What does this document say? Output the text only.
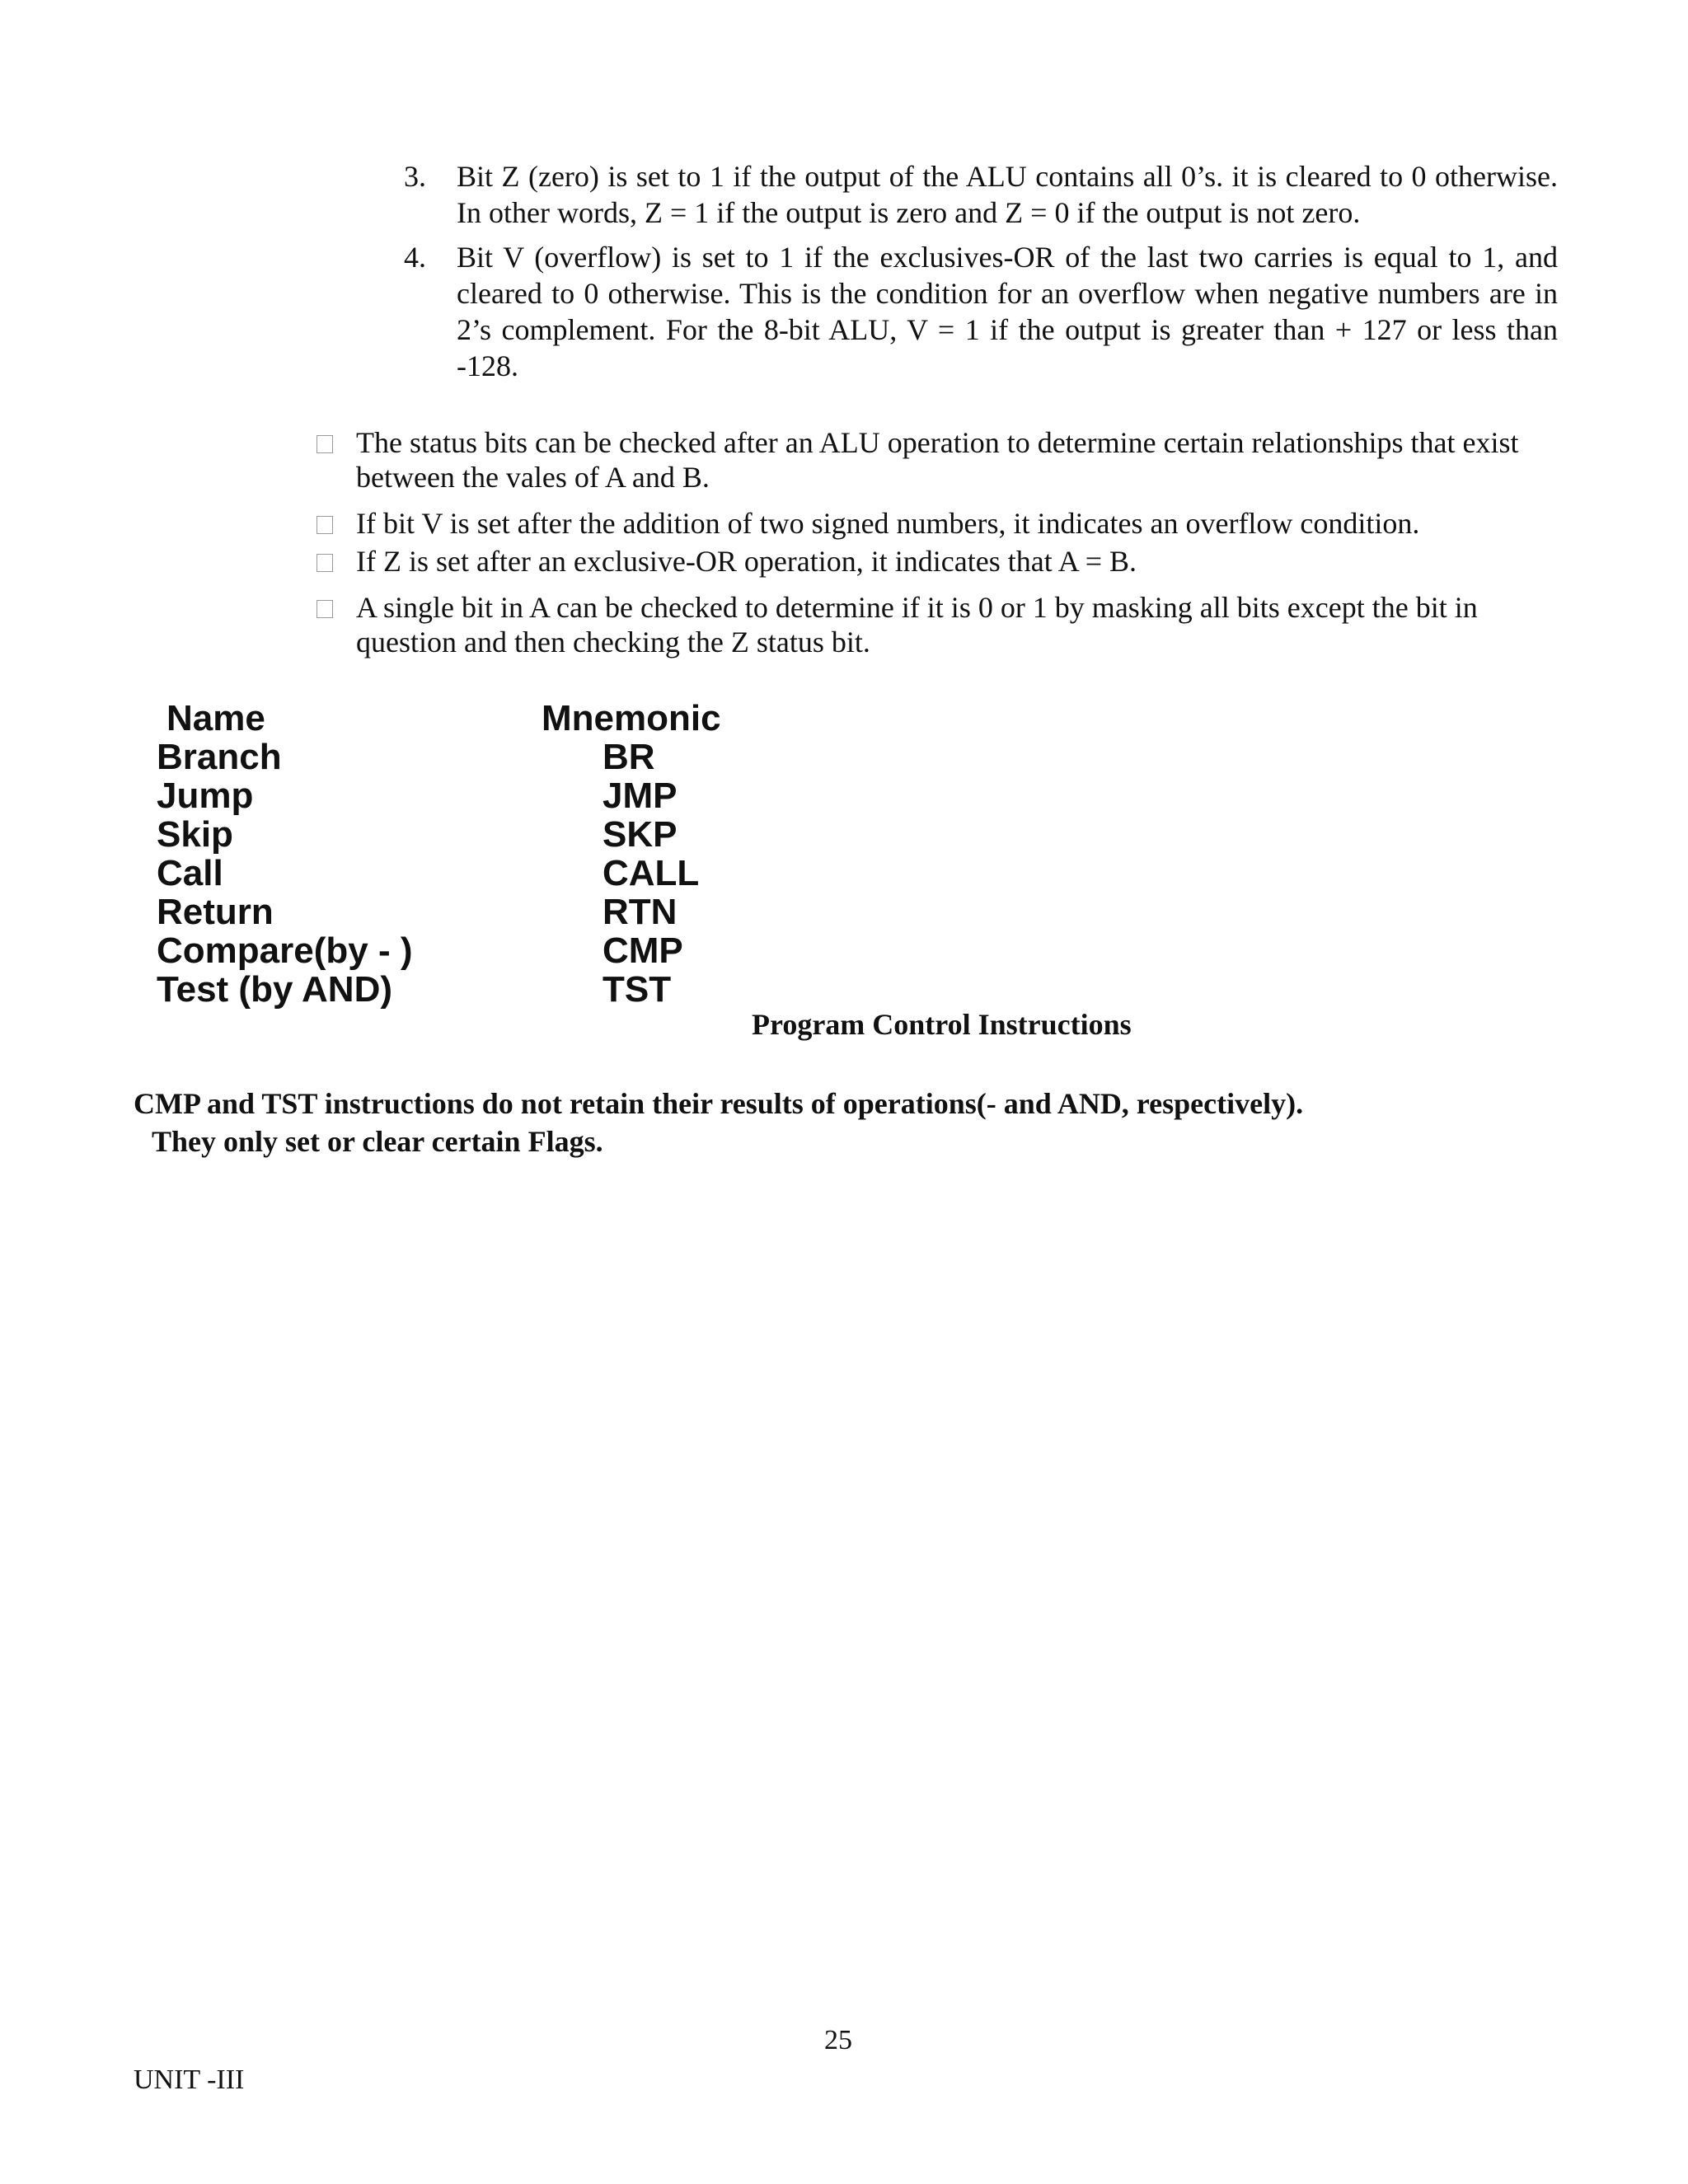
3.	Bit Z (zero) is set to 1 if the output of the ALU contains all 0’s. it is cleared to 0 otherwise. In other words, Z = 1 if the output is zero and Z = 0 if the output is not zero.
4.	Bit V (overflow) is set to 1 if the exclusives-OR of the last two carries is equal to 1, and cleared to 0 otherwise. This is the condition for an overflow when negative numbers are in 2’s complement. For the 8-bit ALU, V = 1 if the output is greater than + 127 or less than -128.
The status bits can be checked after an ALU operation to determine certain relationships that exist between the vales of A and B.
If bit V is set after the addition of two signed numbers, it indicates an overflow condition.
If Z is set after an exclusive-OR operation, it indicates that A = B.
A single bit in A can be checked to determine if it is 0 or 1 by masking all bits except the bit in question and then checking the Z status bit.
Name	Mnemonic
Branch	BR
Jump	JMP
Skip	SKP
Call	CALL
Return	RTN
Compare(by - )	CMP
Test (by AND)	TST
Program Control Instructions
CMP and TST instructions do not retain their results of operations(- and AND, respectively).
They only set or clear certain Flags.
25
UNIT -III
